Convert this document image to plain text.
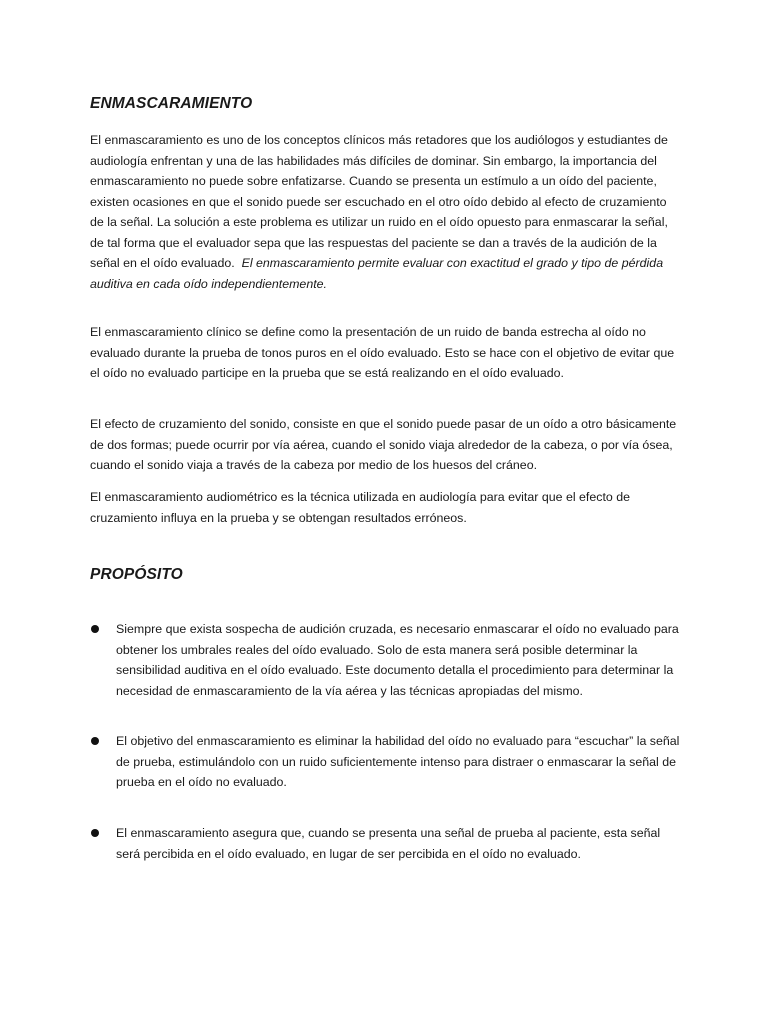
ENMASCARAMIENTO

El enmascaramiento es uno de los conceptos clínicos más retadores que los audiólogos y estudiantes de audiología enfrentan y una de las habilidades más difíciles de dominar. Sin embargo, la importancia del enmascaramiento no puede sobre enfatizarse. Cuando se presenta un estímulo a un oído del paciente, existen ocasiones en que el sonido puede ser escuchado en el otro oído debido al efecto de cruzamiento de la señal. La solución a este problema es utilizar un ruido en el oído opuesto para enmascarar la señal, de tal forma que el evaluador sepa que las respuestas del paciente se dan a través de la audición de la señal en el oído evaluado. El enmascaramiento permite evaluar con exactitud el grado y tipo de pérdida auditiva en cada oído independientemente.

El enmascaramiento clínico se define como la presentación de un ruido de banda estrecha al oído no evaluado durante la prueba de tonos puros en el oído evaluado. Esto se hace con el objetivo de evitar que el oído no evaluado participe en la prueba que se está realizando en el oído evaluado.

El efecto de cruzamiento del sonido, consiste en que el sonido puede pasar de un oído a otro básicamente de dos formas; puede ocurrir por vía aérea, cuando el sonido viaja alrededor de la cabeza, o por vía ósea, cuando el sonido viaja a través de la cabeza por medio de los huesos del cráneo.

El enmascaramiento audiométrico es la técnica utilizada en audiología para evitar que el efecto de cruzamiento influya en la prueba y se obtengan resultados erróneos.

PROPÓSITO

Siempre que exista sospecha de audición cruzada, es necesario enmascarar el oído no evaluado para obtener los umbrales reales del oído evaluado. Solo de esta manera será posible determinar la sensibilidad auditiva en el oído evaluado. Este documento detalla el procedimiento para determinar la necesidad de enmascaramiento de la vía aérea y las técnicas apropiadas del mismo.

El objetivo del enmascaramiento es eliminar la habilidad del oído no evaluado para “escuchar” la señal de prueba, estimulándolo con un ruido suficientemente intenso para distraer o enmascarar la señal de prueba en el oído no evaluado.

El enmascaramiento asegura que, cuando se presenta una señal de prueba al paciente, esta señal será percibida en el oído evaluado, en lugar de ser percibida en el oído no evaluado.
